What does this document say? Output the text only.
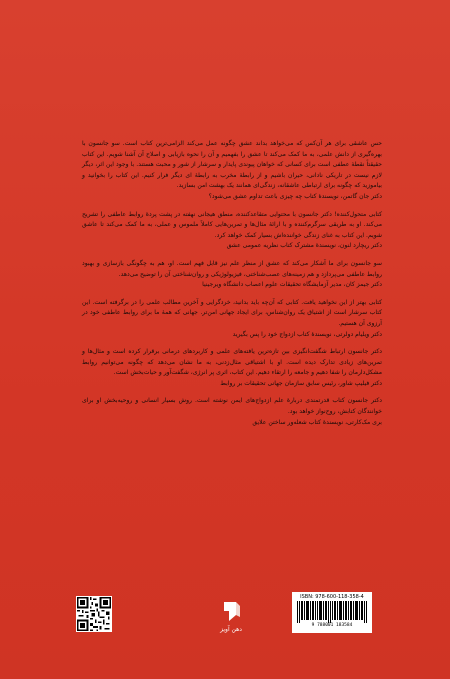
حس عاشقی برای هر آن‌کس که می‌خواهد بداند عشق چگونه عمل می‌کند الزامی‌ترین کتاب است. سو جانسون با بهره‌گیری از دانش علمی، به ما کمک می‌کند تا عشق را بفهمیم و آن را نحوه بازیابی و اصلاح آن آشنا شویم. این کتاب حقیقتاً نقطهٔ عطفی است برای کسانی که خواهان پیوندی پایدار و سرشار از شور و محبت هستند. با وجود این اثر، دیگر لازم نیست در تاریکی نادانی، حیران باشیم و از رابطهٔ مخرب به رابطهٔ ای دیگر فرار کنیم. این کتاب را بخوانید و بیاموزید که چگونه برای ارتباطی عاشقانه، زندگی‌ای همانند یک بهشت امن بسازید.

دکتر جان گاتمن، نویسندهٔ کتاب چه چیزی باعث تداوم عشق می‌شود؟

کتابی متحول‌کننده! دکتر جانسون با محتوایی متقاعدکننده، منطق هیجانی نهفته در پشت پردهٔ روابط عاطفی را تشریح می‌کند. او به طریقی سرگرم‌کننده و با ارائهٔ مثال‌ها و تمرین‌هایی کاملاً ملموس و عملی، به ما کمک می‌کند تا عاشق شویم. این کتاب به غنای زندگی خواننده‌اش بسیار کمک خواهد کرد.

دکتر ریچارد لنون، نویسندهٔ مشترک کتاب نظریه عمومی عشق

سو جانسون برای ما آشکار می‌کند که عشق از منظر علم نیز قابل فهم است. او، هم به چگونگی بازسازی و بهبود روابط عاطفی می‌پردازد و هم زمینه‌های عصب‌شناختی، فیزیولوژیکی و روان‌شناختی آن را توضیح می‌دهد.

دکتر جیمز کان، مدیر آزمایشگاه تحقیقات علوم اعصاب دانشگاه ویرجینیا

کتابی بهتر از این نخواهید یافت. کتابی که آن‌چه باید بدانید، خردگرایی و آخرین مطالب علمی را در برگرفته است. این کتاب سرشار است از اشتیاق یک روان‌شناس، برای ایجاد جهانی امن‌تر. جهانی که همهٔ ما برای روابط عاطفی خود در آرزوی آن هستیم.

دکتر ویلیام دولرتی، نویسندهٔ کتاب ازدواج خود را پس بگیرید

دکتر جانسون ارتباط شگفت‌انگیزی بین تازه‌ترین یافته‌های علمی و کاربردهای درمانی برقرار کرده است و مثال‌ها و تمرین‌های زیادی تدارک دیده است. او با اشتیاقی مثال‌زدنی، به ما نشان می‌دهد که چگونه می‌توانیم روابط مشکل‌دارمان را شفا دهیم و جامعه را ارتقاء دهیم. این کتاب، اثری پر انرژی، شگفت‌آور و حیات‌بخش است.

دکتر فیلیپ شاور، رئیس سابق سازمان جهانی تحقیقات بر روابط

دکتر جانسون کتاب قدرتمندی دربارهٔ علم ازدواج‌های ایمن نوشته است. روش بسیار انسانی و روحیه‌بخش او برای خوانندگان کتابش، روح‌نواز خواهد بود.

بری مک‌کارتی، نویسندهٔ کتاب شعله‌ور ساختن علایق

دهن آویز
ISBN: 978-600-118-358-4
9 788001 183584
